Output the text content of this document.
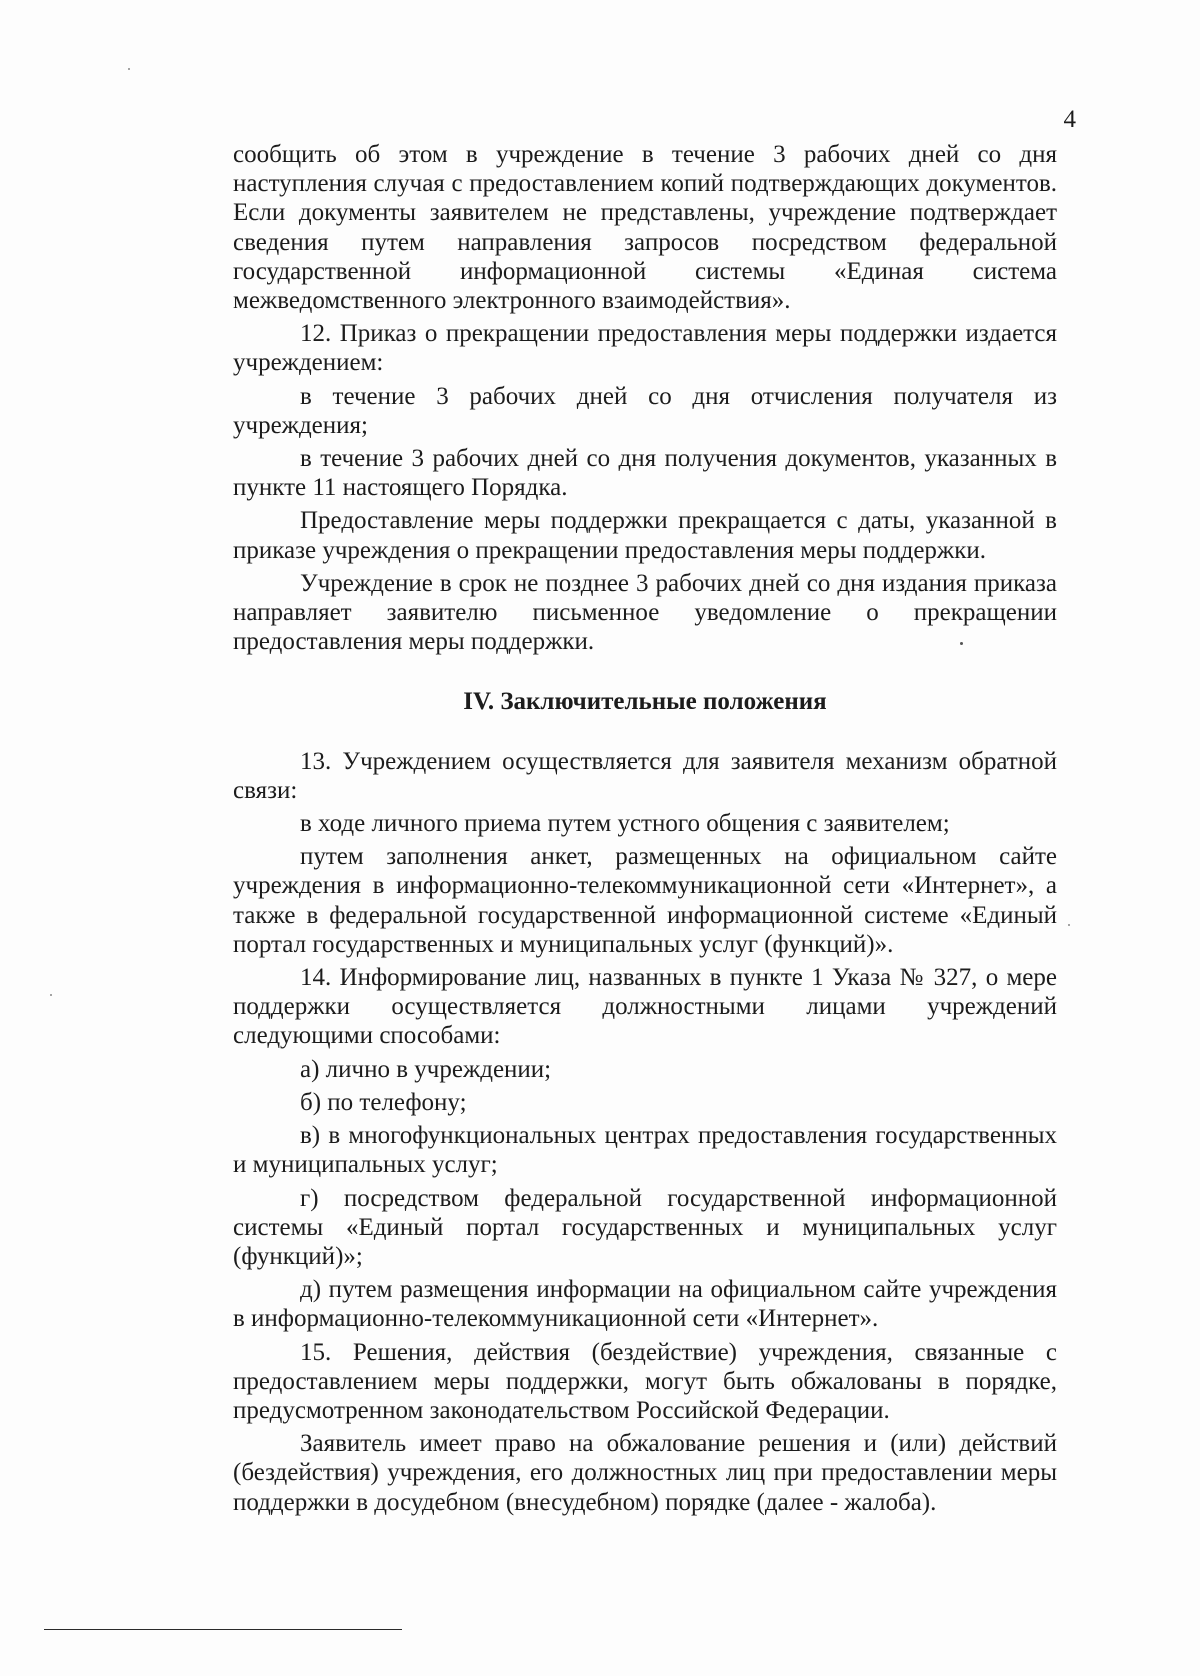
4

сообщить об этом в учреждение в течение 3 рабочих дней со дня наступления случая с предоставлением копий подтверждающих документов. Если документы заявителем не представлены, учреждение подтверждает сведения путем направления запросов посредством федеральной государственной информационной системы «Единая система межведомственного электронного взаимодействия».

12. Приказ о прекращении предоставления меры поддержки издается учреждением:

в течение 3 рабочих дней со дня отчисления получателя из учреждения;

в течение 3 рабочих дней со дня получения документов, указанных в пункте 11 настоящего Порядка.

Предоставление меры поддержки прекращается с даты, указанной в приказе учреждения о прекращении предоставления меры поддержки.

Учреждение в срок не позднее 3 рабочих дней со дня издания приказа направляет заявителю письменное уведомление о прекращении предоставления меры поддержки.

IV. Заключительные положения

13. Учреждением осуществляется для заявителя механизм обратной связи:

в ходе личного приема путем устного общения с заявителем;

путем заполнения анкет, размещенных на официальном сайте учреждения в информационно-телекоммуникационной сети «Интернет», а также в федеральной государственной информационной системе «Единый портал государственных и муниципальных услуг (функций)».

14. Информирование лиц, названных в пункте 1 Указа № 327, о мере поддержки осуществляется должностными лицами учреждений следующими способами:

а) лично в учреждении;

б) по телефону;

в) в многофункциональных центрах предоставления государственных и муниципальных услуг;

г) посредством федеральной государственной информационной системы «Единый портал государственных и муниципальных услуг (функций)»;

д) путем размещения информации на официальном сайте учреждения в информационно-телекоммуникационной сети «Интернет».

15. Решения, действия (бездействие) учреждения, связанные с предоставлением меры поддержки, могут быть обжалованы в порядке, предусмотренном законодательством Российской Федерации.

Заявитель имеет право на обжалование решения и (или) действий (бездействия) учреждения, его должностных лиц при предоставлении меры поддержки в досудебном (внесудебном) порядке (далее - жалоба).
